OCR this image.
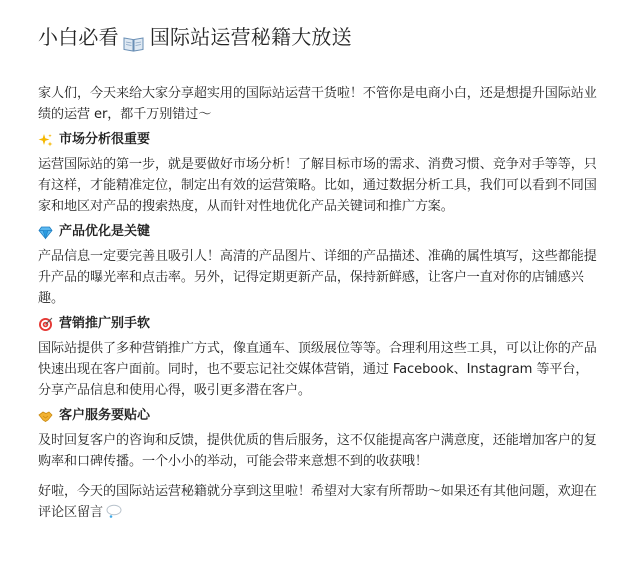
小白必看 国际站运营秘籍大放送

家人们，今天来给大家分享超实用的国际站运营干货啦！不管你是电商小白，还是想提升国际站业绩的运营 er，都千万别错过～

市场分析很重要

运营国际站的第一步，就是要做好市场分析！了解目标市场的需求、消费习惯、竞争对手等等，只有这样，才能精准定位，制定出有效的运营策略。比如，通过数据分析工具，我们可以看到不同国家和地区对产品的搜索热度，从而针对性地优化产品关键词和推广方案。

产品优化是关键

产品信息一定要完善且吸引人！高清的产品图片、详细的产品描述、准确的属性填写，这些都能提升产品的曝光率和点击率。另外，记得定期更新产品，保持新鲜感，让客户一直对你的店铺感兴趣。

营销推广别手软

国际站提供了多种营销推广方式，像直通车、顶级展位等等。合理利用这些工具，可以让你的产品快速出现在客户面前。同时，也不要忘记社交媒体营销，通过 Facebook、Instagram 等平台，分享产品信息和使用心得，吸引更多潜在客户。

客户服务要贴心

及时回复客户的咨询和反馈，提供优质的售后服务，这不仅能提高客户满意度，还能增加客户的复购率和口碑传播。一个小小的举动，可能会带来意想不到的收获哦！

好啦，今天的国际站运营秘籍就分享到这里啦！希望对大家有所帮助～如果还有其他问题，欢迎在评论区留言
